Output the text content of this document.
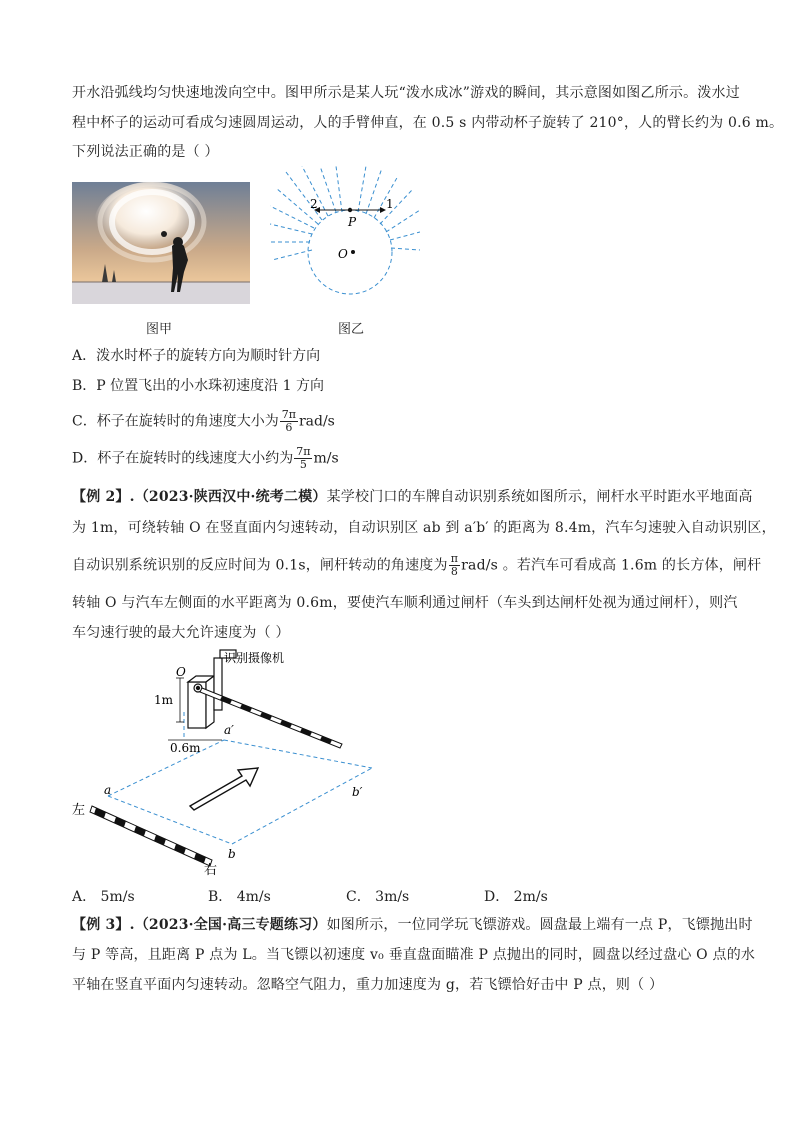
开水沿弧线均匀快速地泼向空中。图甲所示是某人玩“泼水成冰”游戏的瞬间，其示意图如图乙所示。泼水过
程中杯子的运动可看成匀速圆周运动，人的手臂伸直，在 0.5 s 内带动杯子旋转了 210°，人的臂长约为 0.6 m。
下列说法正确的是（ ）
2	1
P
O
图甲	图乙
A．泼水时杯子的旋转方向为顺时针方向
B．P 位置飞出的小水珠初速度沿 1 方向
C．杯子在旋转时的角速度大小为 $\frac{7\pi}{6} rad/s$
D．杯子在旋转时的线速度大小约为 $\frac{7\pi}{5} m/s$
【例 2】.（2023·陕西汉中·统考二模）某学校门口的车牌自动识别系统如图所示，闸杆水平时距水平地面高
为 1m，可绕转轴 O 在竖直面内匀速转动，自动识别区 ab 到 a′b′ 的距离为 8.4m，汽车匀速驶入自动识别区，
自动识别系统识别的反应时间为 0.1s，闸杆转动的角速度为 $\frac{\pi}{8} rad/s$ 。若汽车可看成高 1.6m 的长方体，闸杆
转轴 O 与汽车左侧面的水平距离为 0.6m，要使汽车顺利通过闸杆（车头到达闸杆处视为通过闸杆），则汽
车匀速行驶的最大允许速度为（ ）
识别摄像机
O
1m
0.6m
a′
a	b′
b
左
右
A． 5m/s	B． 4m/s	C． 3m/s	D． 2m/s
【例 3】.（2023·全国·高三专题练习）如图所示，一位同学玩飞镖游戏。圆盘最上端有一点 P，飞镖抛出时
与 P 等高，且距离 P 点为 L。当飞镖以初速度 v₀ 垂直盘面瞄准 P 点抛出的同时，圆盘以经过盘心 O 点的水
平轴在竖直平面内匀速转动。忽略空气阻力，重力加速度为 g，若飞镖恰好击中 P 点，则（ ）
